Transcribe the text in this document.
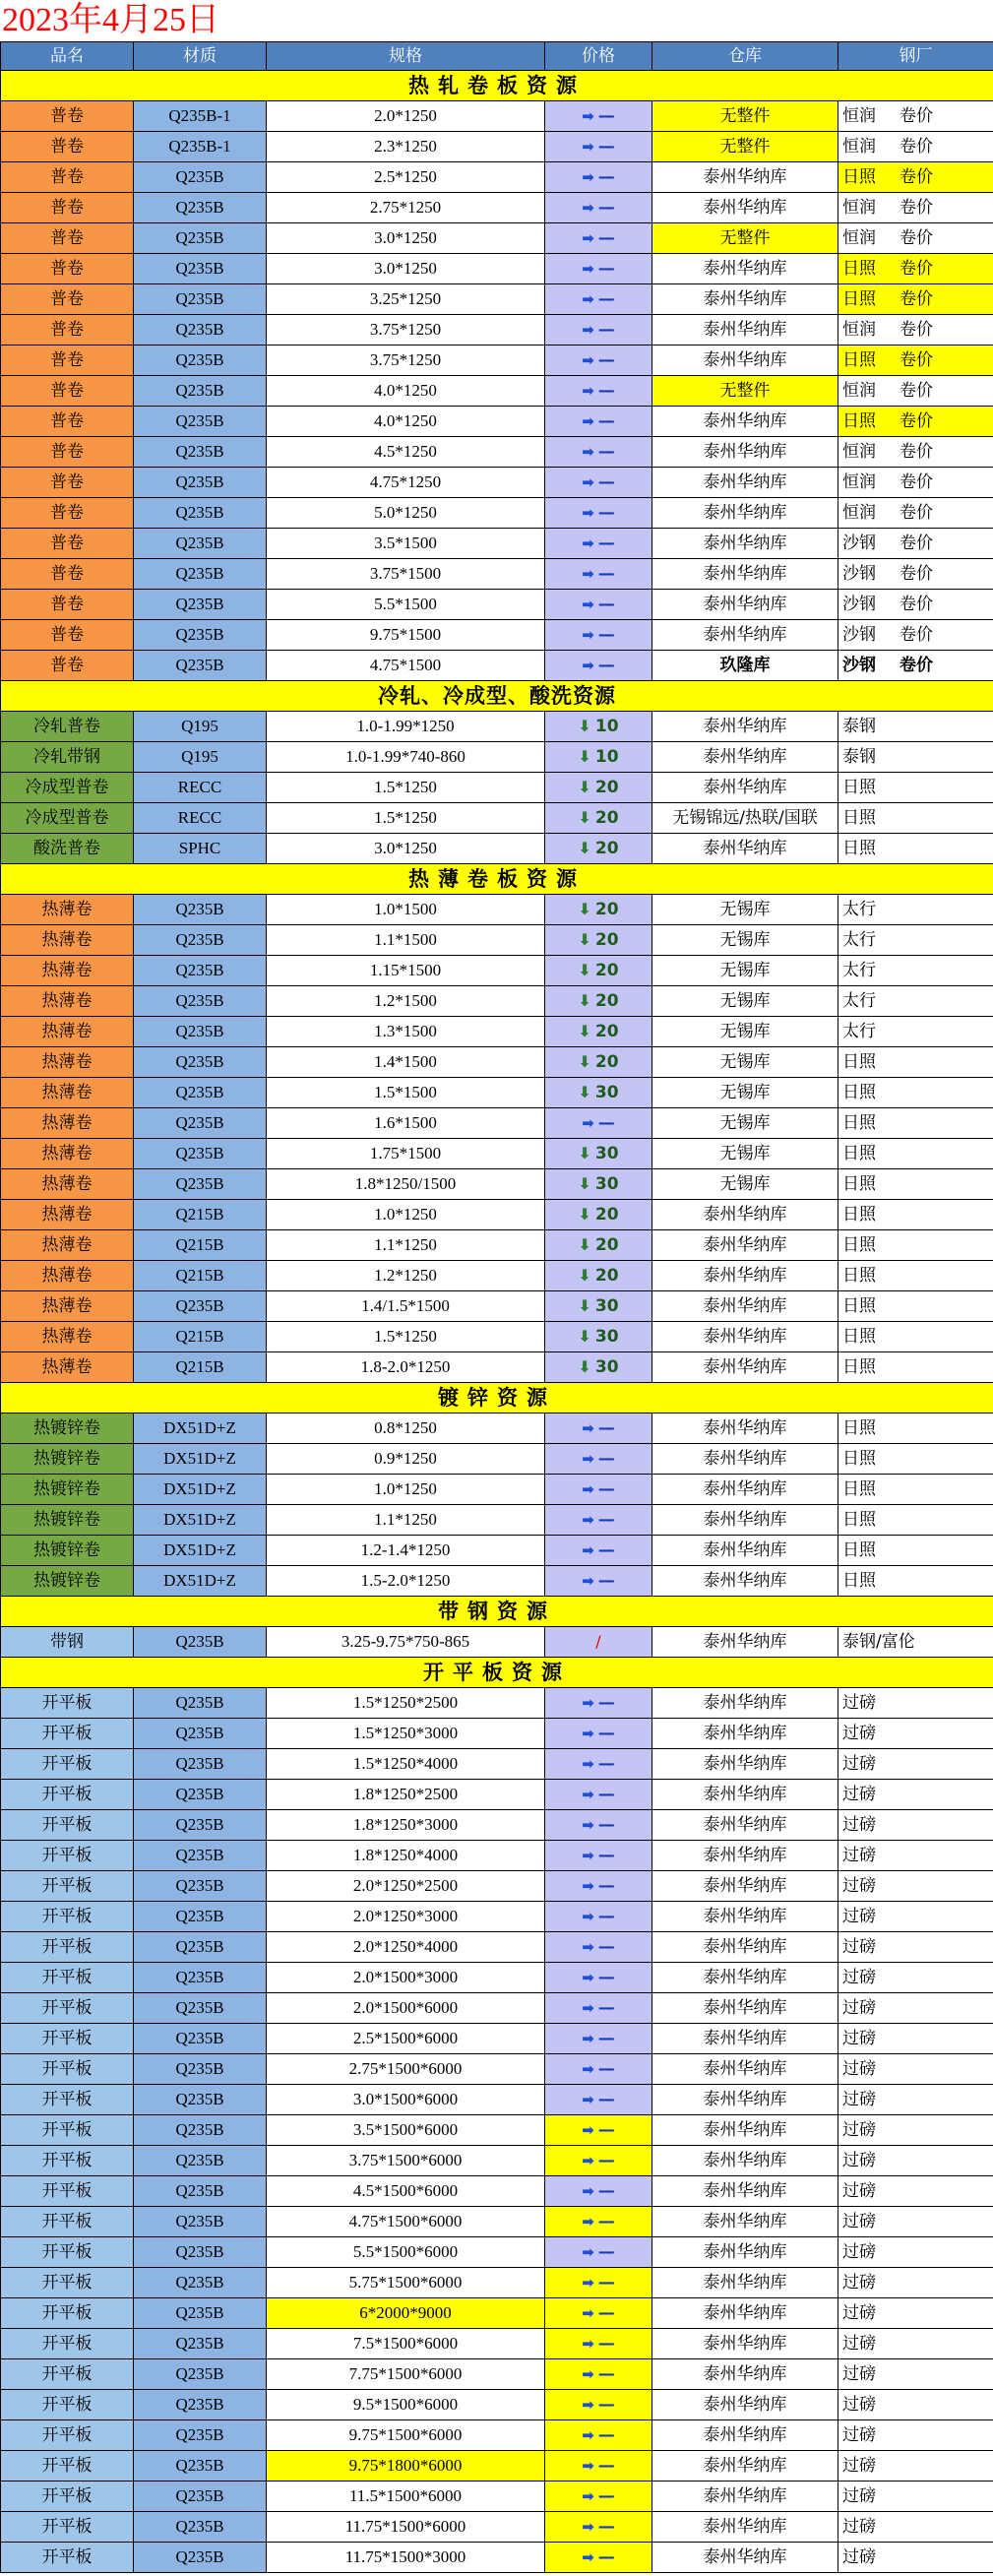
2023年4月25日
品名	材质	规格	价格	仓库	钢厂
热轧卷板资源					
普卷	Q235B-1	2.0*1250	➡ —	无整件	恒润 卷价
普卷	Q235B-1	2.3*1250	➡ —	无整件	恒润 卷价
普卷	Q235B	2.5*1250	➡ —	泰州华纳库	日照 卷价
普卷	Q235B	2.75*1250	➡ —	泰州华纳库	恒润 卷价
普卷	Q235B	3.0*1250	➡ —	无整件	恒润 卷价
普卷	Q235B	3.0*1250	➡ —	泰州华纳库	日照 卷价
普卷	Q235B	3.25*1250	➡ —	泰州华纳库	日照 卷价
普卷	Q235B	3.75*1250	➡ —	泰州华纳库	恒润 卷价
普卷	Q235B	3.75*1250	➡ —	泰州华纳库	日照 卷价
普卷	Q235B	4.0*1250	➡ —	无整件	恒润 卷价
普卷	Q235B	4.0*1250	➡ —	泰州华纳库	日照 卷价
普卷	Q235B	4.5*1250	➡ —	泰州华纳库	恒润 卷价
普卷	Q235B	4.75*1250	➡ —	泰州华纳库	恒润 卷价
普卷	Q235B	5.0*1250	➡ —	泰州华纳库	恒润 卷价
普卷	Q235B	3.5*1500	➡ —	泰州华纳库	沙钢 卷价
普卷	Q235B	3.75*1500	➡ —	泰州华纳库	沙钢 卷价
普卷	Q235B	5.5*1500	➡ —	泰州华纳库	沙钢 卷价
普卷	Q235B	9.75*1500	➡ —	泰州华纳库	沙钢 卷价
普卷	Q235B	4.75*1500	➡ —	玖隆库	沙钢 卷价
冷轧、冷成型、酸洗资源					
冷轧普卷	Q195	1.0-1.99*1250	⬇ 10	泰州华纳库	泰钢
冷轧带钢	Q195	1.0-1.99*740-860	⬇ 10	泰州华纳库	泰钢
冷成型普卷	RECC	1.5*1250	⬇ 20	泰州华纳库	日照
冷成型普卷	RECC	1.5*1250	⬇ 20	无锡锦远/热联/国联	日照
酸洗普卷	SPHC	3.0*1250	⬇ 20	泰州华纳库	日照
热薄卷板资源					
热薄卷	Q235B	1.0*1500	⬇ 20	无锡库	太行
热薄卷	Q235B	1.1*1500	⬇ 20	无锡库	太行
热薄卷	Q235B	1.15*1500	⬇ 20	无锡库	太行
热薄卷	Q235B	1.2*1500	⬇ 20	无锡库	太行
热薄卷	Q235B	1.3*1500	⬇ 20	无锡库	太行
热薄卷	Q235B	1.4*1500	⬇ 20	无锡库	日照
热薄卷	Q235B	1.5*1500	⬇ 30	无锡库	日照
热薄卷	Q235B	1.6*1500	➡ —	无锡库	日照
热薄卷	Q235B	1.75*1500	⬇ 30	无锡库	日照
热薄卷	Q235B	1.8*1250/1500	⬇ 30	无锡库	日照
热薄卷	Q215B	1.0*1250	⬇ 20	泰州华纳库	日照
热薄卷	Q215B	1.1*1250	⬇ 20	泰州华纳库	日照
热薄卷	Q215B	1.2*1250	⬇ 20	泰州华纳库	日照
热薄卷	Q235B	1.4/1.5*1500	⬇ 30	泰州华纳库	日照
热薄卷	Q215B	1.5*1250	⬇ 30	泰州华纳库	日照
热薄卷	Q215B	1.8-2.0*1250	⬇ 30	泰州华纳库	日照
镀锌资源					
热镀锌卷	DX51D+Z	0.8*1250	➡ —	泰州华纳库	日照
热镀锌卷	DX51D+Z	0.9*1250	➡ —	泰州华纳库	日照
热镀锌卷	DX51D+Z	1.0*1250	➡ —	泰州华纳库	日照
热镀锌卷	DX51D+Z	1.1*1250	➡ —	泰州华纳库	日照
热镀锌卷	DX51D+Z	1.2-1.4*1250	➡ —	泰州华纳库	日照
热镀锌卷	DX51D+Z	1.5-2.0*1250	➡ —	泰州华纳库	日照
带钢资源					
带钢	Q235B	3.25-9.75*750-865	/	泰州华纳库	泰钢/富伦
开平板资源					
开平板	Q235B	1.5*1250*2500	➡ —	泰州华纳库	过磅
开平板	Q235B	1.5*1250*3000	➡ —	泰州华纳库	过磅
开平板	Q235B	1.5*1250*4000	➡ —	泰州华纳库	过磅
开平板	Q235B	1.8*1250*2500	➡ —	泰州华纳库	过磅
开平板	Q235B	1.8*1250*3000	➡ —	泰州华纳库	过磅
开平板	Q235B	1.8*1250*4000	➡ —	泰州华纳库	过磅
开平板	Q235B	2.0*1250*2500	➡ —	泰州华纳库	过磅
开平板	Q235B	2.0*1250*3000	➡ —	泰州华纳库	过磅
开平板	Q235B	2.0*1250*4000	➡ —	泰州华纳库	过磅
开平板	Q235B	2.0*1500*3000	➡ —	泰州华纳库	过磅
开平板	Q235B	2.0*1500*6000	➡ —	泰州华纳库	过磅
开平板	Q235B	2.5*1500*6000	➡ —	泰州华纳库	过磅
开平板	Q235B	2.75*1500*6000	➡ —	泰州华纳库	过磅
开平板	Q235B	3.0*1500*6000	➡ —	泰州华纳库	过磅
开平板	Q235B	3.5*1500*6000	➡ —	泰州华纳库	过磅
开平板	Q235B	3.75*1500*6000	➡ —	泰州华纳库	过磅
开平板	Q235B	4.5*1500*6000	➡ —	泰州华纳库	过磅
开平板	Q235B	4.75*1500*6000	➡ —	泰州华纳库	过磅
开平板	Q235B	5.5*1500*6000	➡ —	泰州华纳库	过磅
开平板	Q235B	5.75*1500*6000	➡ —	泰州华纳库	过磅
开平板	Q235B	6*2000*9000	➡ —	泰州华纳库	过磅
开平板	Q235B	7.5*1500*6000	➡ —	泰州华纳库	过磅
开平板	Q235B	7.75*1500*6000	➡ —	泰州华纳库	过磅
开平板	Q235B	9.5*1500*6000	➡ —	泰州华纳库	过磅
开平板	Q235B	9.75*1500*6000	➡ —	泰州华纳库	过磅
开平板	Q235B	9.75*1800*6000	➡ —	泰州华纳库	过磅
开平板	Q235B	11.5*1500*6000	➡ —	泰州华纳库	过磅
开平板	Q235B	11.75*1500*6000	➡ —	泰州华纳库	过磅
开平板	Q235B	11.75*1500*3000	➡ —	泰州华纳库	过磅
